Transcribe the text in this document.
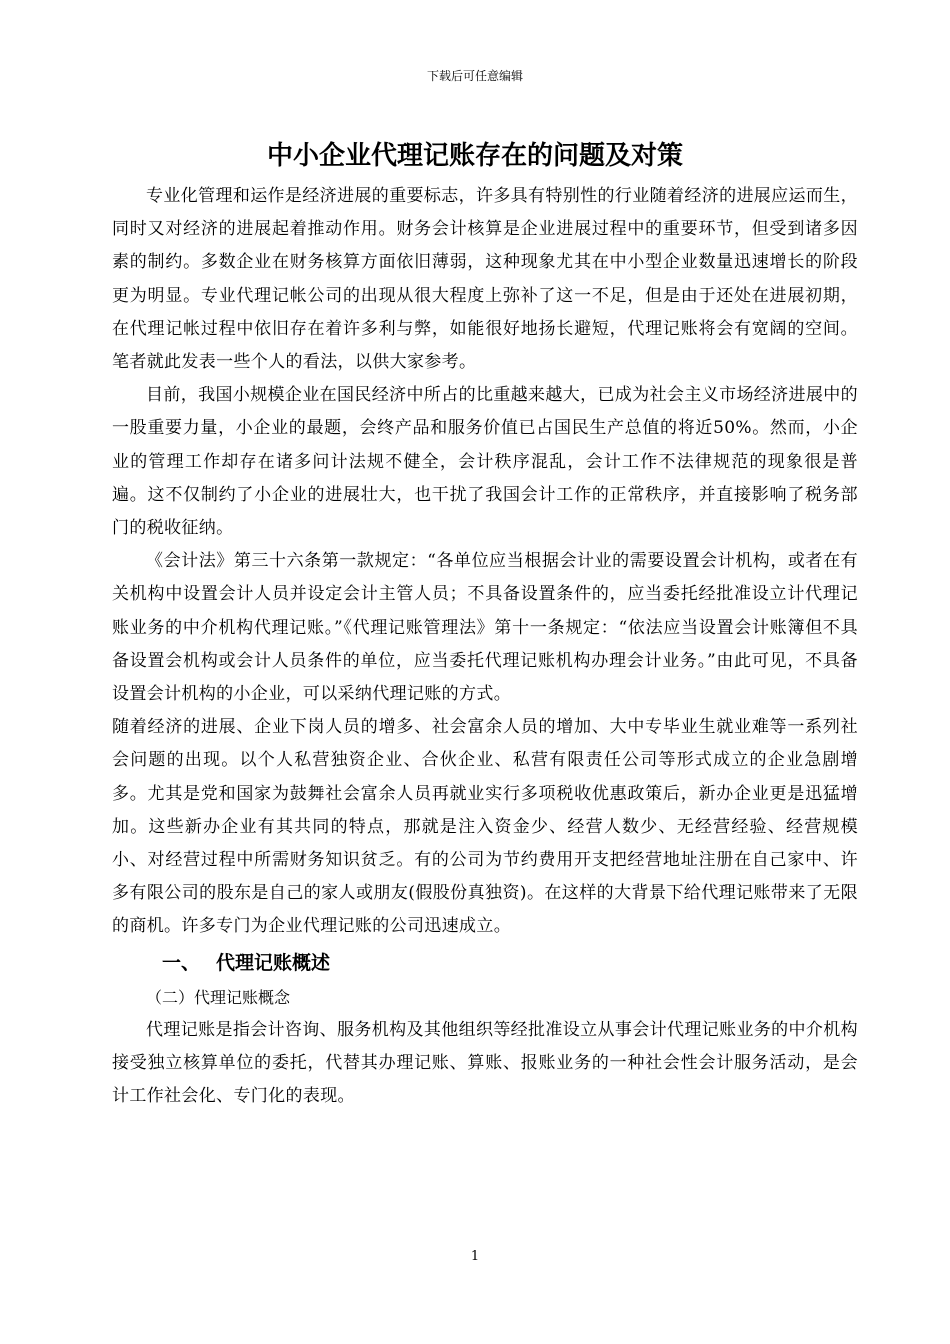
下载后可任意编辑
中小企业代理记账存在的问题及对策

专业化管理和运作是经济进展的重要标志，许多具有特别性的行业随着经济的进展应运而生，同时又对经济的进展起着推动作用。财务会计核算是企业进展过程中的重要环节，但受到诸多因素的制约。多数企业在财务核算方面依旧薄弱，这种现象尤其在中小型企业数量迅速增长的阶段更为明显。专业代理记帐公司的出现从很大程度上弥补了这一不足，但是由于还处在进展初期，在代理记帐过程中依旧存在着许多利与弊，如能很好地扬长避短，代理记账将会有宽阔的空间。笔者就此发表一些个人的看法，以供大家参考。

目前，我国小规模企业在国民经济中所占的比重越来越大，已成为社会主义市场经济进展中的一股重要力量，小企业的最题，会终产品和服务价值已占国民生产总值的将近50%。然而，小企业的管理工作却存在诸多问计法规不健全，会计秩序混乱，会计工作不法律规范的现象很是普遍。这不仅制约了小企业的进展壮大，也干扰了我国会计工作的正常秩序，并直接影响了税务部门的税收征纳。

《会计法》第三十六条第一款规定：“各单位应当根据会计业的需要设置会计机构，或者在有关机构中设置会计人员并设定会计主管人员；不具备设置条件的，应当委托经批准设立计代理记账业务的中介机构代理记账。”《代理记账管理法》第十一条规定：“依法应当设置会计账簿但不具备设置会机构或会计人员条件的单位，应当委托代理记账机构办理会计业务。”由此可见，不具备设置会计机构的小企业，可以采纳代理记账的方式。

随着经济的进展、企业下岗人员的增多、社会富余人员的增加、大中专毕业生就业难等一系列社会问题的出现。以个人私营独资企业、合伙企业、私营有限责任公司等形式成立的企业急剧增多。尤其是党和国家为鼓舞社会富余人员再就业实行多项税收优惠政策后，新办企业更是迅猛增加。这些新办企业有其共同的特点，那就是注入资金少、经营人数少、无经营经验、经营规模小、对经营过程中所需财务知识贫乏。有的公司为节约费用开支把经营地址注册在自己家中、许多有限公司的股东是自己的家人或朋友(假股份真独资)。在这样的大背景下给代理记账带来了无限的商机。许多专门为企业代理记账的公司迅速成立。

一、 代理记账概述

（二）代理记账概念

代理记账是指会计咨询、服务机构及其他组织等经批准设立从事会计代理记账业务的中介机构接受独立核算单位的委托，代替其办理记账、算账、报账业务的一种社会性会计服务活动，是会计工作社会化、专门化的表现。

1
